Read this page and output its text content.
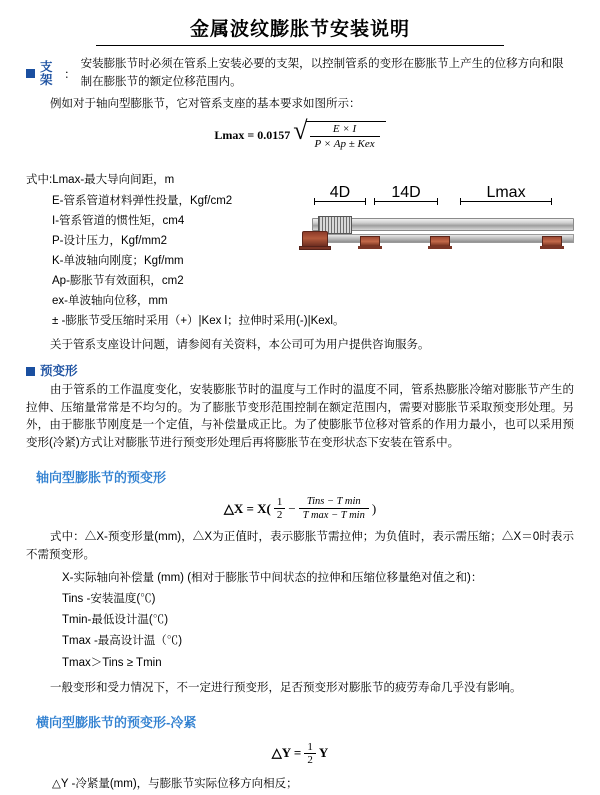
金属波纹膨胀节安装说明
支架	：
安装膨胀节时必须在管系上安装必要的支架，以控制管系的变形在膨胀节上产生的位移方向和限制在膨胀节的额定位移范围内。

例如对于轴向型膨胀节，它对管系支座的基本要求如图所示：

Lmax = 0.0157 √ $\frac{E \times I}{\text{P × Ap ± Kex}}$
式中:Lmax-最大导向间距，m
E-管系管道材料弹性投量，Kgf/cm2
I-管系管道的惯性矩，cm4
P-设计压力，Kgf/mm2
K-单波轴向刚度；Kgf/mm
Ap-膨胀节有效面积，cm2
ex-单波轴向位移，mm
± -膨胀节受压缩时采用（+）|Kex l；拉伸时采用(-)|Kexl。
4D	14D	Lmax

关于管系支座设计问题，请参阅有关资料，本公司可为用户提供咨询服务。

预变形

由于管系的工作温度变化，安装膨胀节时的温度与工作时的温度不同，管系热膨胀冷缩对膨胀节产生的拉伸、压缩量常常是不均匀的。为了膨胀节变形范围控制在额定范围内，需要对膨胀节采取预变形处理。另外，由于膨胀节刚度是一个定值，与补偿量成正比。为了使膨胀节位移对管系的作用力最小，也可以采用预变形(冷紧)方式让对膨胀节进行预变形处理后再将膨胀节在变形状态下安装在管系中。

轴向型膨胀节的预变形
△X = $X( \frac{1}{2} - \frac{\text{Tins − T min}}{\text{T max − T min}}$ )

式中：△X-预变形量(mm)，△X为正值时，表示膨胀节需拉伸；为负值时，表示需压缩；△X＝0时表示不需预变形。

X-实际轴向补偿量 (mm) (相对于膨胀节中间状态的拉伸和压缩位移量绝对值之和)：
Tins -安装温度(℃)
Tmin-最低设计温(℃)
Tmax -最高设计温（℃)
Tmax＞Tins ≥ Tmin

一般变形和受力情况下，不一定进行预变形，足否预变形对膨胀节的疲劳寿命几乎没有影响。

横向型膨胀节的预变形-冷紧
△Y = $\frac{1}{2}$ Y
△Y -冷紧量(mm)，与膨胀节实际位移方向相反；
